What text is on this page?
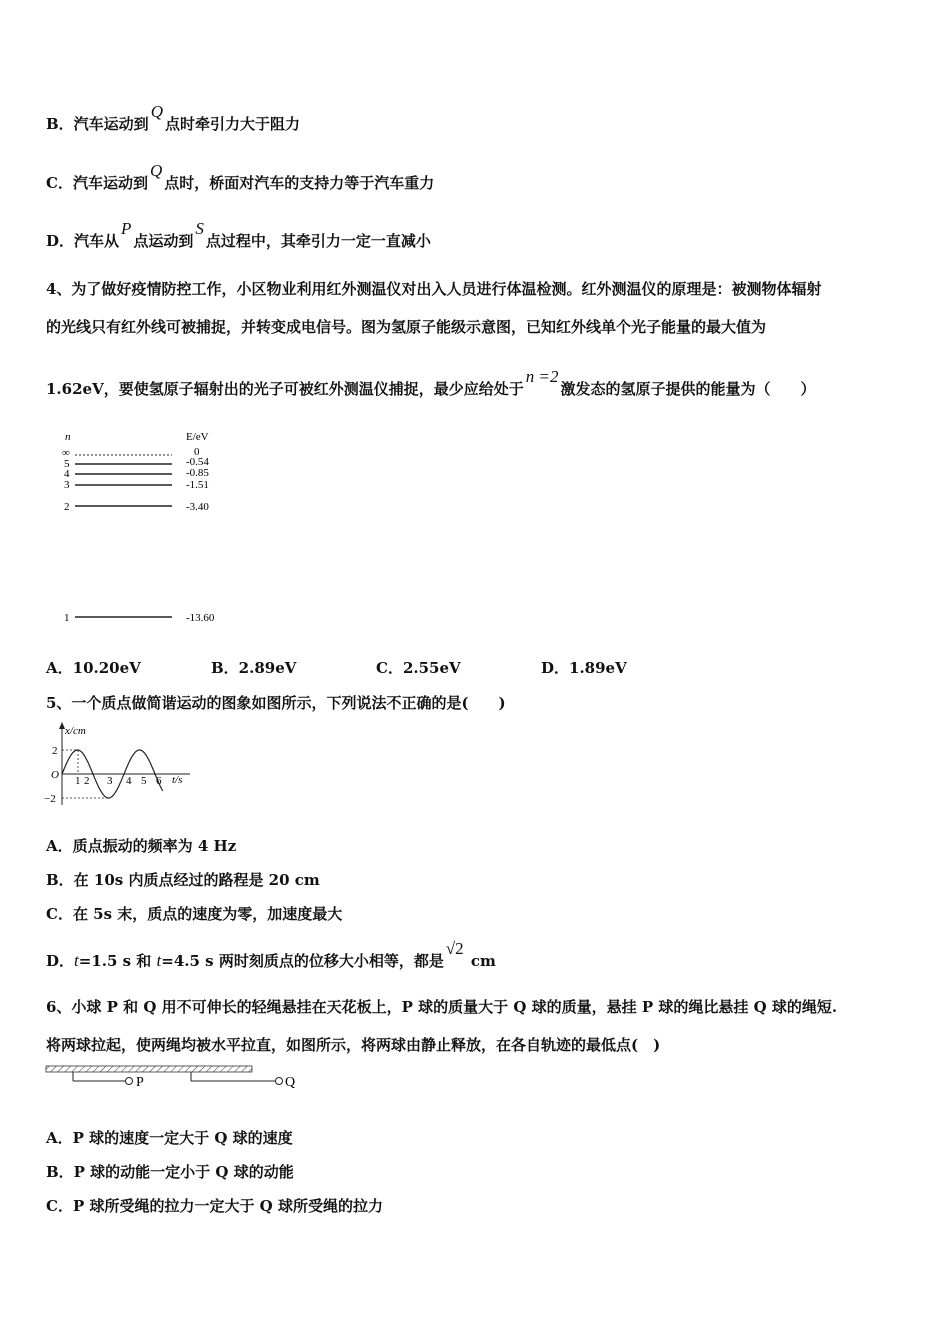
B．汽车运动到Q点时牵引力大于阻力
C．汽车运动到Q点时，桥面对汽车的支持力等于汽车重力
D．汽车从P点运动到S点过程中，其牵引力一定一直减小
4、为了做好疫情防控工作，小区物业利用红外测温仪对出入人员进行体温检测。红外测温仪的原理是：被测物体辐射
的光线只有红外线可被捕捉，并转变成电信号。图为氢原子能级示意图，已知红外线单个光子能量的最大值为
1.62eV，要使氢原子辐射出的光子可被红外测温仪捕捉，最少应给处于n =2激发态的氢原子提供的能量为（　　）
n	E/eV
∞
5
4
3
2
1
0
-0.54
-0.85
-1.51
-3.40
-13.60
A．10.20eV	B．2.89eV	C．2.55eV	D．1.89eV
5、一个质点做简谐运动的图象如图所示，下列说法不正确的是(　　)
x/cm
t/s
O
2
−2
1 2 3 4 5 6
A．质点振动的频率为 4 Hz
B．在 10s 内质点经过的路程是 20 cm
C．在 5s 末，质点的速度为零，加速度最大
D．t=1.5 s 和 t=4.5 s 两时刻质点的位移大小相等，都是√2 cm
6、小球 P 和 Q 用不可伸长的轻绳悬挂在天花板上，P 球的质量大于 Q 球的质量，悬挂 P 球的绳比悬挂 Q 球的绳短.
将两球拉起，使两绳均被水平拉直，如图所示，将两球由静止释放，在各自轨迹的最低点(　)
P	Q
A．P 球的速度一定大于 Q 球的速度
B．P 球的动能一定小于 Q 球的动能
C．P 球所受绳的拉力一定大于 Q 球所受绳的拉力
